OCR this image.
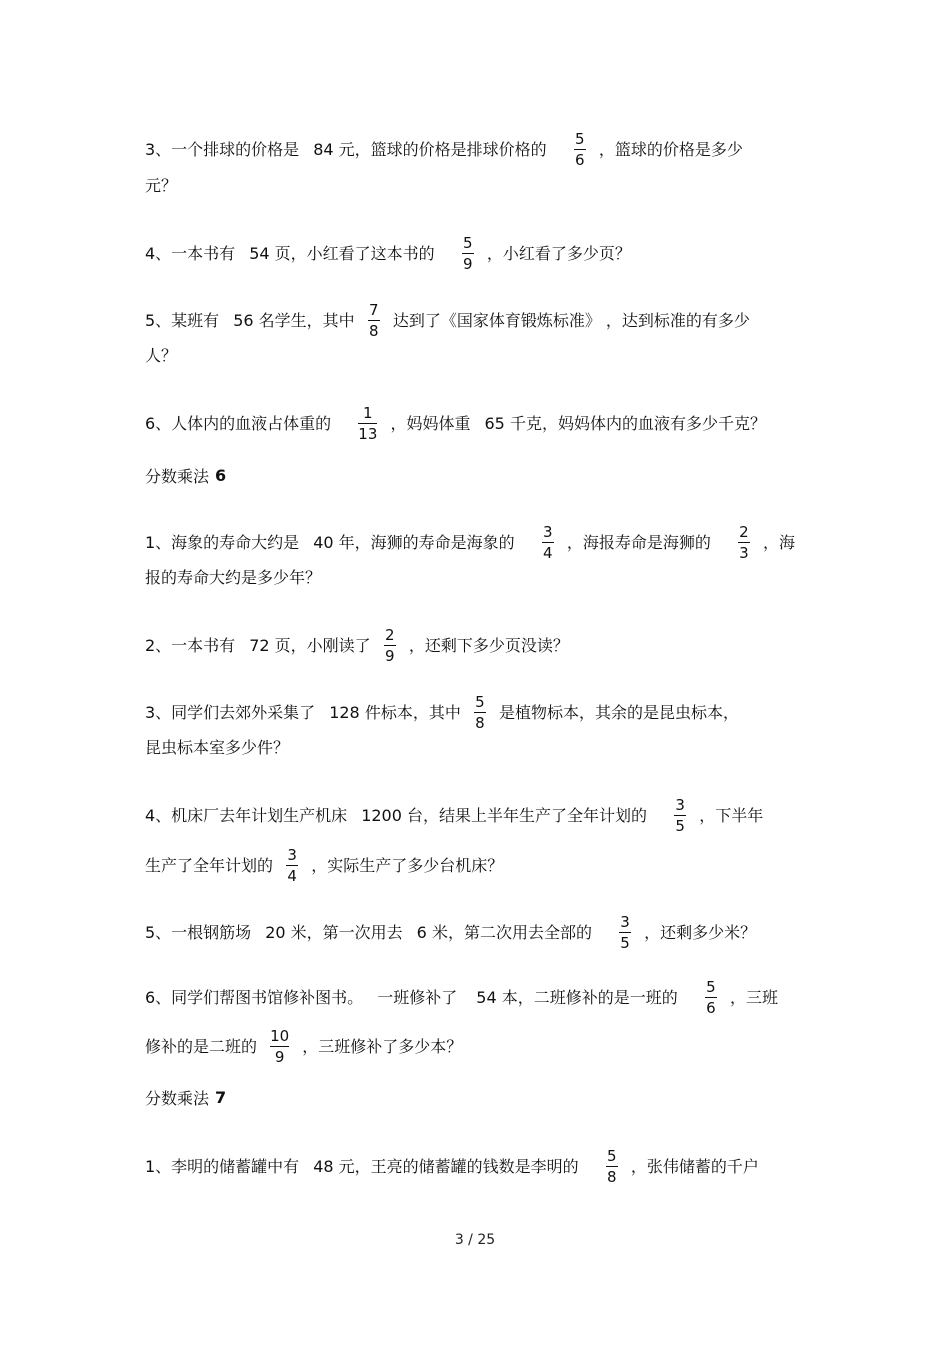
3、一个排球的价格是 84 元，篮球的价格是排球价格的 $\frac{5}{6}$ ，篮球的价格是多少
元？
4、一本书有 54 页，小红看了这本书的 $\frac{5}{9}$ ，小红看了多少页？
5、某班有 56 名学生，其中 $\frac{7}{8}$ 达到了《国家体育锻炼标准》 ，达到标准的有多少
人？
6、人体内的血液占体重的 $\frac{1}{13}$ ，妈妈体重 65 千克，妈妈体内的血液有多少千克？
分数乘法 6
1、海象的寿命大约是 40 年，海狮的寿命是海象的 $\frac{3}{4}$ ，海报寿命是海狮的 $\frac{2}{3}$ ，海
报的寿命大约是多少年？
2、一本书有 72 页，小刚读了 $\frac{2}{9}$ ，还剩下多少页没读？
3、同学们去郊外采集了 128 件标本，其中 $\frac{5}{8}$ 是植物标本，其余的是昆虫标本，
昆虫标本室多少件？
4、机床厂去年计划生产机床 1200 台，结果上半年生产了全年计划的 $\frac{3}{5}$ ，下半年
生产了全年计划的 $\frac{3}{4}$ ，实际生产了多少台机床？
5、一根钢筋场 20 米，第一次用去 6 米，第二次用去全部的 $\frac{3}{5}$ ，还剩多少米？
6、同学们帮图书馆修补图书。 一班修补了 54 本，二班修补的是一班的 $\frac{5}{6}$ ，三班
修补的是二班的 $\frac{10}{9}$ ，三班修补了多少本？
分数乘法 7
1、李明的储蓄罐中有 48 元，王亮的储蓄罐的钱数是李明的 $\frac{5}{8}$ ，张伟储蓄的千户
3 / 25
